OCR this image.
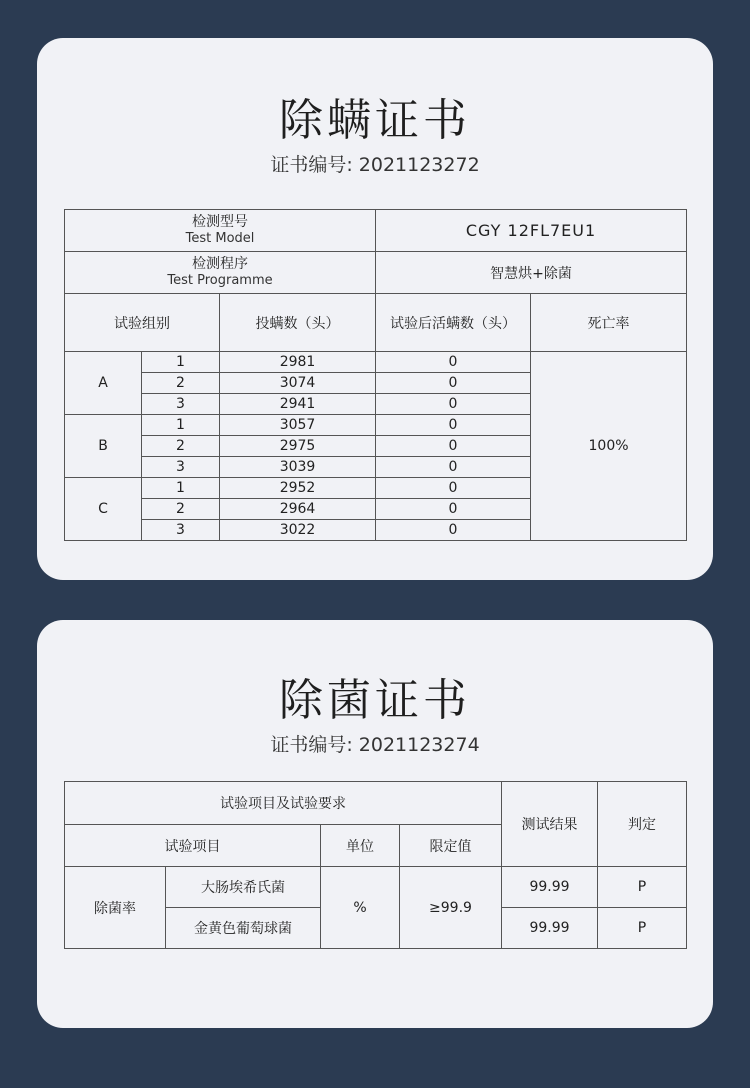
除螨证书
证书编号: 2021123272
检测型号
Test Model			CGY 12FL7EU1	

检测程序
Test Programme			智慧烘+除菌	
试验组别		投螨数（头）	试验后活螨数（头）	死亡率
A	1	2981	0	100%
	2	3074	0	
	3	2941	0	
B	1	3057	0	
	2	2975	0	
	3	3039	0	
C	1	2952	0	
	2	2964	0	
	3	3022	0	
除菌证书
证书编号: 2021123274
试验项目及试验要求				测试结果	判定
试验项目		单位	限定值		
除菌率	大肠埃希氏菌	%	≥99.9	99.99	P
	金黄色葡萄球菌			99.99	P
